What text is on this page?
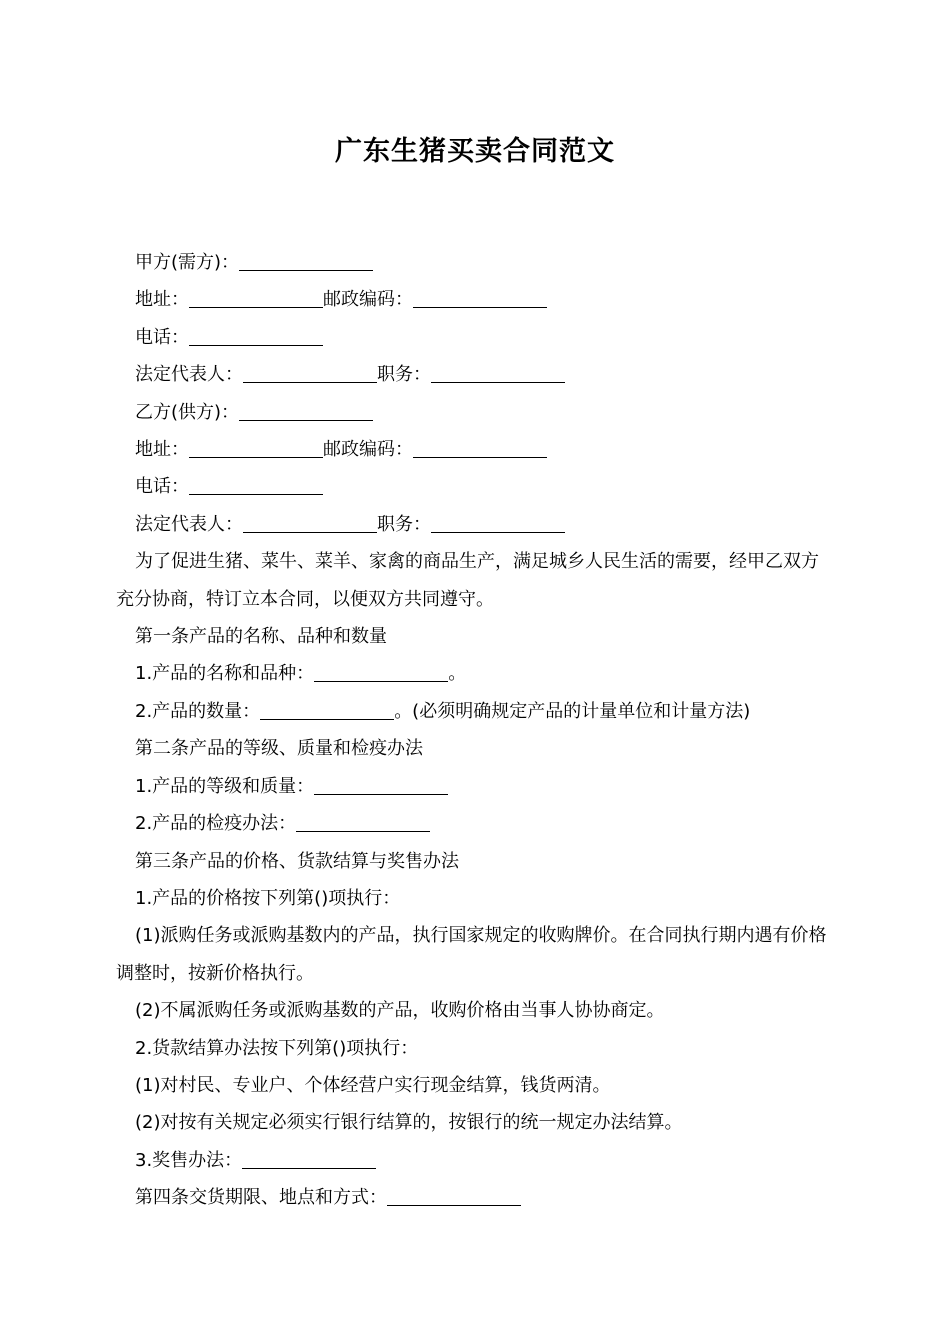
广东生猪买卖合同范文

甲方(需方)：

地址：	邮政编码：

电话：

法定代表人：	职务：

乙方(供方)：

地址：	邮政编码：

电话：

法定代表人：	职务：

为了促进生猪、菜牛、菜羊、家禽的商品生产，满足城乡人民生活的需要，经甲乙双方充分协商，特订立本合同，以便双方共同遵守。

第一条产品的名称、品种和数量

1.产品的名称和品种：	。

2.产品的数量：	。(必须明确规定产品的计量单位和计量方法)

第二条产品的等级、质量和检疫办法

1.产品的等级和质量：

2.产品的检疫办法：

第三条产品的价格、货款结算与奖售办法

1.产品的价格按下列第()项执行：

(1)派购任务或派购基数内的产品，执行国家规定的收购牌价。在合同执行期内遇有价格调整时，按新价格执行。

(2)不属派购任务或派购基数的产品，收购价格由当事人协协商定。

2.货款结算办法按下列第()项执行：

(1)对村民、专业户、个体经营户实行现金结算，钱货两清。

(2)对按有关规定必须实行银行结算的，按银行的统一规定办法结算。

3.奖售办法：

第四条交货期限、地点和方式：
